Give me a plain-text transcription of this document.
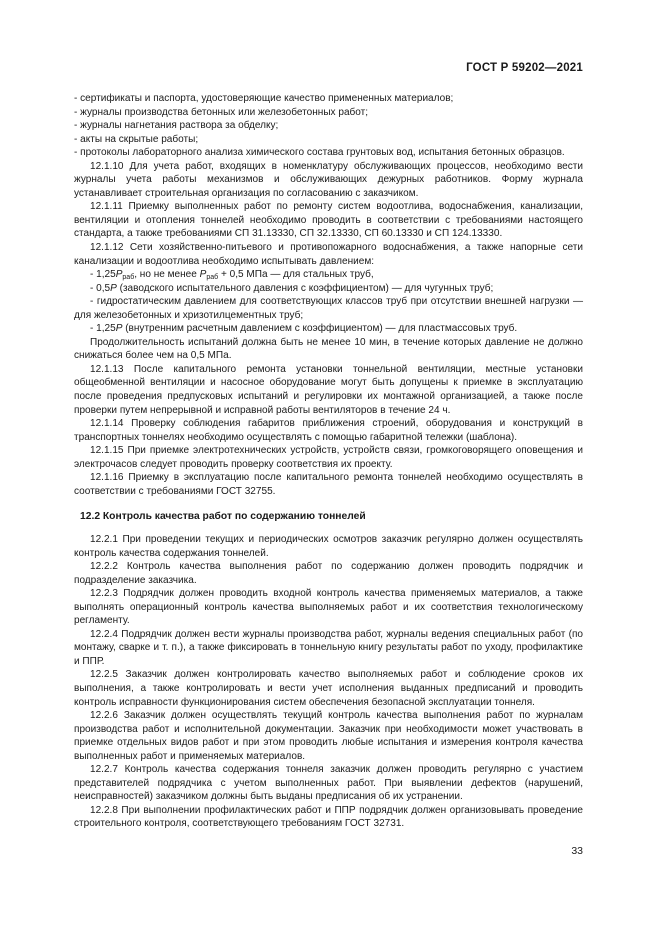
ГОСТ Р 59202—2021

- сертификаты и паспорта, удостоверяющие качество примененных материалов;

- журналы производства бетонных или железобетонных работ;

- журналы нагнетания раствора за обделку;

- акты на скрытые работы;

- протоколы лабораторного анализа химического состава грунтовых вод, испытания бетонных образцов.

12.1.10 Для учета работ, входящих в номенклатуру обслуживающих процессов, необходимо вести журналы учета работы механизмов и обслуживающих дежурных работников. Форму журнала устанавливает строительная организация по согласованию с заказчиком.

12.1.11 Приемку выполненных работ по ремонту систем водоотлива, водоснабжения, канализации, вентиляции и отопления тоннелей необходимо проводить в соответствии с требованиями настоящего стандарта, а также требованиями СП 31.13330, СП 32.13330, СП 60.13330 и СП 124.13330.

12.1.12 Сети хозяйственно-питьевого и противопожарного водоснабжения, а также напорные сети канализации и водоотлива необходимо испытывать давлением:

- $1,25P_{раб}$, но не менее $P_{раб} + 0,5$ МПа — для стальных труб,

- 0,5P (заводского испытательного давления с коэффициентом) — для чугунных труб;

- гидростатическим давлением для соответствующих классов труб при отсутствии внешней нагрузки — для железобетонных и хризотилцементных труб;

- 1,25P (внутренним расчетным давлением с коэффициентом) — для пластмассовых труб.

Продолжительность испытаний должна быть не менее 10 мин, в течение которых давление не должно снижаться более чем на 0,5 МПа.

12.1.13 После капитального ремонта установки тоннельной вентиляции, местные установки общеобменной вентиляции и насосное оборудование могут быть допущены к приемке в эксплуатацию после проведения предпусковых испытаний и регулировки их монтажной организацией, а также после проверки путем непрерывной и исправной работы вентиляторов в течение 24 ч.

12.1.14 Проверку соблюдения габаритов приближения строений, оборудования и конструкций в транспортных тоннелях необходимо осуществлять с помощью габаритной тележки (шаблона).

12.1.15 При приемке электротехнических устройств, устройств связи, громкоговорящего оповещения и электрочасов следует проводить проверку соответствия их проекту.

12.1.16 Приемку в эксплуатацию после капитального ремонта тоннелей необходимо осуществлять в соответствии с требованиями ГОСТ 32755.

12.2 Контроль качества работ по содержанию тоннелей

12.2.1 При проведении текущих и периодических осмотров заказчик регулярно должен осуществлять контроль качества содержания тоннелей.

12.2.2 Контроль качества выполнения работ по содержанию должен проводить подрядчик и подразделение заказчика.

12.2.3 Подрядчик должен проводить входной контроль качества применяемых материалов, а также выполнять операционный контроль качества выполняемых работ и их соответствия технологическому регламенту.

12.2.4 Подрядчик должен вести журналы производства работ, журналы ведения специальных работ (по монтажу, сварке и т. п.), а также фиксировать в тоннельную книгу результаты работ по уходу, профилактике и ППР.

12.2.5 Заказчик должен контролировать качество выполняемых работ и соблюдение сроков их выполнения, а также контролировать и вести учет исполнения выданных предписаний и проводить контроль исправности функционирования систем обеспечения безопасной эксплуатации тоннеля.

12.2.6 Заказчик должен осуществлять текущий контроль качества выполнения работ по журналам производства работ и исполнительной документации. Заказчик при необходимости может участвовать в приемке отдельных видов работ и при этом проводить любые испытания и измерения контроля качества выполненных работ и применяемых материалов.

12.2.7 Контроль качества содержания тоннеля заказчик должен проводить регулярно с участием представителей подрядчика с учетом выполненных работ. При выявлении дефектов (нарушений, неисправностей) заказчиком должны быть выданы предписания об их устранении.

12.2.8 При выполнении профилактических работ и ППР подрядчик должен организовывать проведение строительного контроля, соответствующего требованиям ГОСТ 32731.

33
